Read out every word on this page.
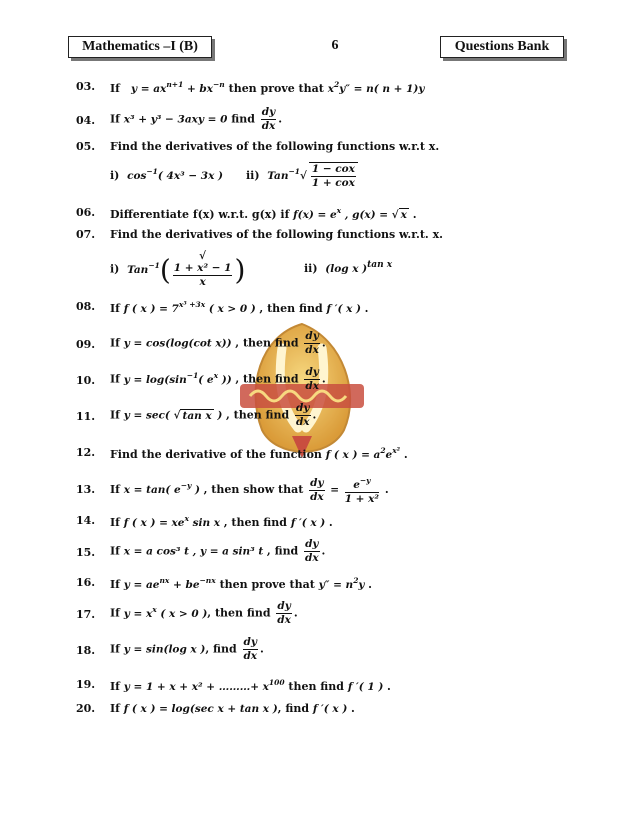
Mathematics –I (B)	6	Questions Bank
03.	If $y = ax^{n+1} + bx^{-n}$ then prove that $x^2y'' = n$( n + 1)y
04.	If x³ + y³ − 3axy = 0 find $\frac{dy}{dx}$ .
05.	Find the derivatives of the following functions w.r.t x.
i) $\cos^{-1}$( 4x³ − 3x ) ii) $Tan^{-1}√ \frac{\text{1 − cox}}{\text{1 + cox}}$
06.	Differentiate f(x) w.r.t. g(x) if $f(x) = e^x$ , g(x) = √ x .
07.	Find the derivatives of the following functions w.r.t. x.
i) Tan$^{-1}$(	√
1 + x² − 1
x	)	ii) (log x )tan x
08.	If f ( x ) = $7^{x^3 +3x}$ ( x > 0 ) , then find f ′( x ) .
09.	If y = cos(log(cot x)) , then find $\frac{dy}{dx}$ .
10.	If $y = \log(\sin^{-1}$( $e^x$ )) , then find $\frac{dy}{dx}$ .
11.	If y = sec( √ tan x ) , then find $\frac{dy}{dx}$ .
12.	Find the derivative of the function f ( x ) = $a^2e^{x^2}$ .
13.	If x = tan( $e^{-y}$ ) , then show that $\frac{dy}{dx} = \frac{e^{-y}}{\text{1 + x²}}$ .
14.	If f ( x ) = $xe^x$ sin x , then find f ′( x ) .
15.	If x = a cos³ t , y = a sin³ t , find $\frac{dy}{dx}$ .
16.	If $y = ae^{nx} + be^{-nx}$ then prove that $y'' = n^2y$ .
17.	If $y = x^x$ ( x > 0 ), then find $\frac{dy}{dx}$ .
18.	If y = sin(log x ), find $\frac{dy}{dx}$ .
19.	If y = 1 + x + x² + ………+ $x^{100}$ then find f ′( 1 ) .
20.	If f ( x ) = log(sec x + tan x ), find f ′( x ) .
